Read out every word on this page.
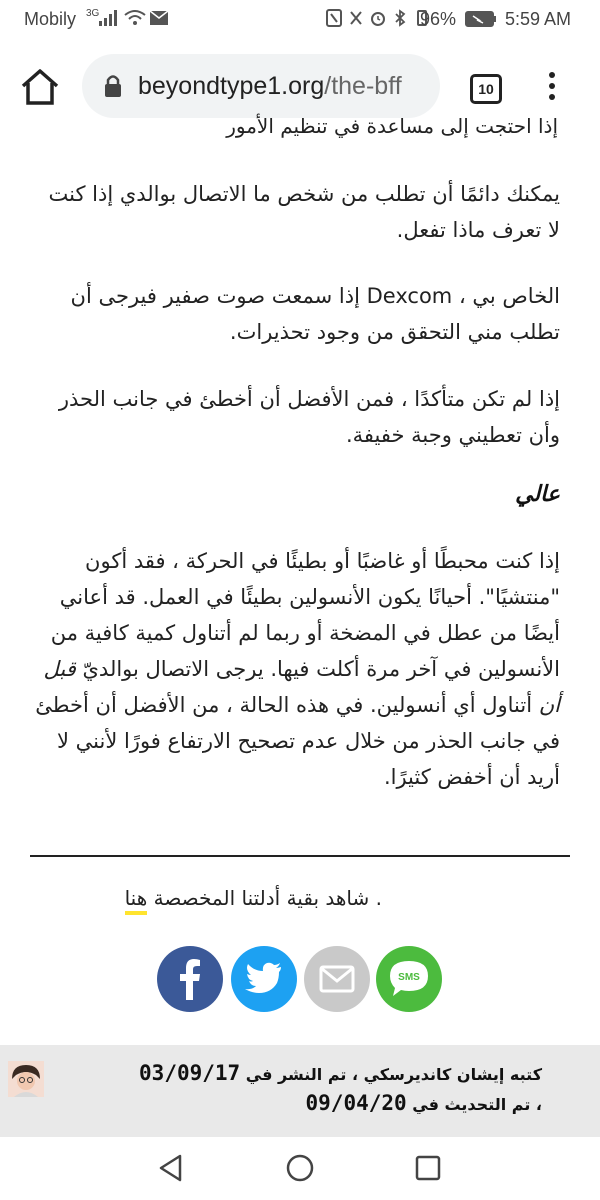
Mobily 3G	96%	5:59 AM
beyondtype1.org/the-bff	10
إذا احتجت إلى مساعدة في تنظيم الأمور

يمكنك دائمًا أن تطلب من شخص ما الاتصال بوالدي إذا كنت لا تعرف ماذا تفعل.

الخاص بي ، Dexcom إذا سمعت صوت صفير فيرجى أن تطلب مني التحقق من وجود تحذيرات.

إذا لم تكن متأكدًا ، فمن الأفضل أن أخطئ في جانب الحذر وأن تعطيني وجبة خفيفة.

عالي

إذا كنت محبطًا أو غاضبًا أو بطيئًا في الحركة ، فقد أكون "منتشيًا". أحيانًا يكون الأنسولين بطيئًا في العمل. قد أعاني أيضًا من عطل في المضخة أو ربما لم أتناول كمية كافية من الأنسولين في آخر مرة أكلت فيها. يرجى الاتصال بوالديّ قبل أن أتناول أي أنسولين. في هذه الحالة ، من الأفضل أن أخطئ في جانب الحذر من خلال عدم تصحيح الارتفاع فورًا لأنني لا أريد أن أخفض كثيرًا.

. شاهد بقية أدلتنا المخصصة هنا
SMS
كتبه إيشان كانديرسكي ، تم النشر في 03/09/17
، تم التحديث في 09/04/20
